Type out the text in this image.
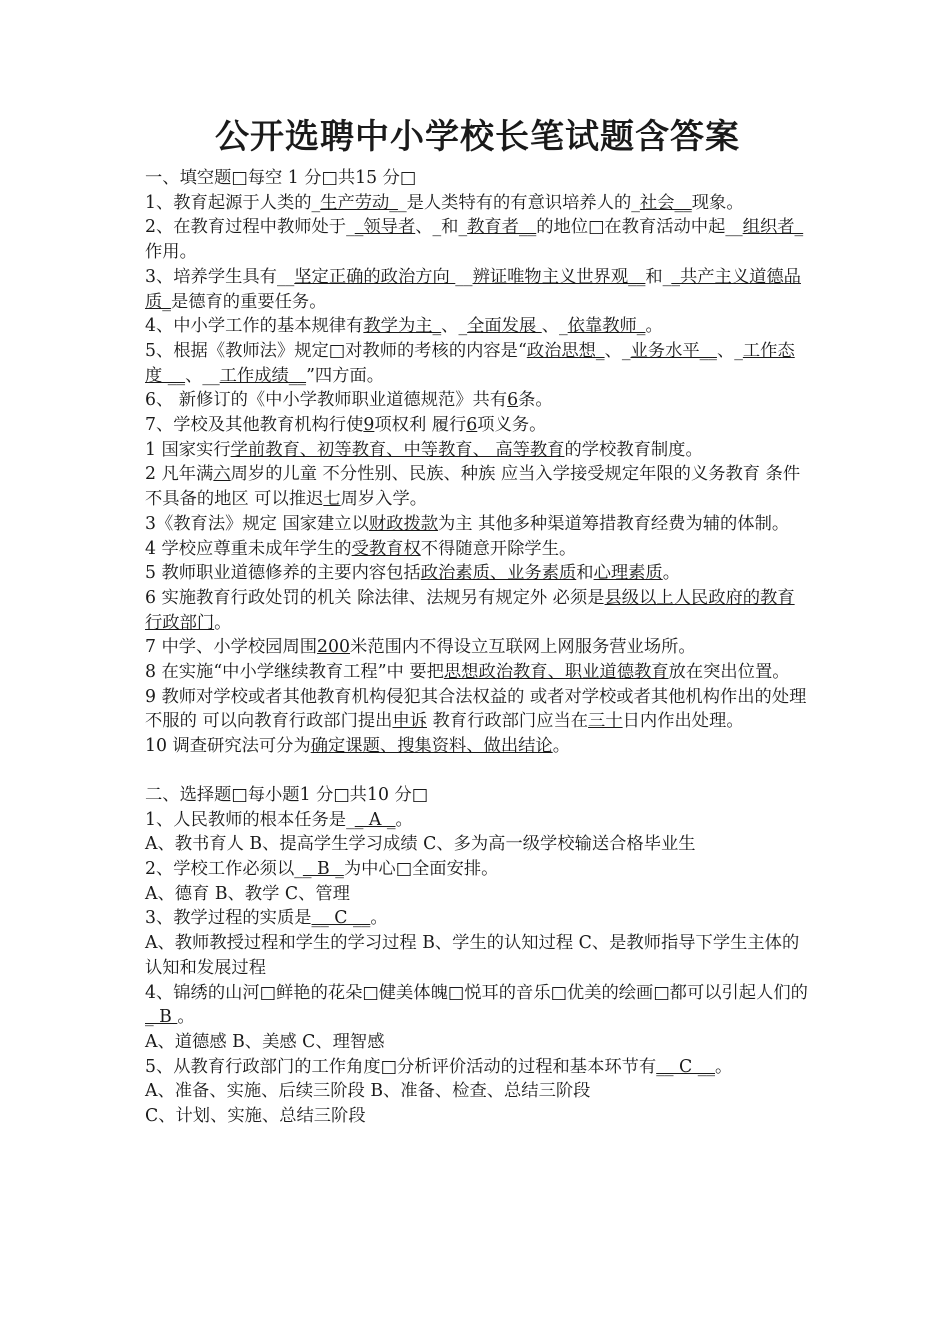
公开选聘中小学校长笔试题含答案

一、填空题□每空 1 分□共15 分□

1、教育起源于人类的_生产劳动__是人类特有的有意识培养人的_社会__现象。

2、在教育过程中教师处于__领导者、_和_教育者__的地位□在教育活动中起__组织者_作用。

3、培养学生具有__坚定正确的政治方向 __辨证唯物主义世界观__和__共产主义道德品质_是德育的重要任务。

4、中小学工作的基本规律有教学为主_、_全面发展 、_依靠教师_。

5、根据《教师法》规定□对教师的考核的内容是“政治思想_、_业务水平__、_工作态度 __、__工作成绩__”四方面。

6、 新修订的《中小学教师职业道德规范》共有6条。

7、学校及其他教育机构行使9项权利 履行6项义务。

1 国家实行学前教育、初等教育、中等教育、 高等教育的学校教育制度。

2 凡年满六周岁的儿童 不分性别、民族、种族 应当入学接受规定年限的义务教育 条件不具备的地区 可以推迟七周岁入学。

3《教育法》规定 国家建立以财政拨款为主 其他多种渠道筹措教育经费为辅的体制。

4 学校应尊重未成年学生的受教育权不得随意开除学生。

5 教师职业道德修养的主要内容包括政治素质、业务素质和心理素质。

6 实施教育行政处罚的机关 除法律、法规另有规定外 必须是县级以上人民政府的教育行政部门。

7 中学、小学校园周围200米范围内不得设立互联网上网服务营业场所。

8 在实施“中小学继续教育工程”中 要把思想政治教育、职业道德教育放在突出位置。

9 教师对学校或者其他教育机构侵犯其合法权益的 或者对学校或者其他机构作出的处理不服的 可以向教育行政部门提出申诉 教育行政部门应当在三十日内作出处理。

10 调查研究法可分为确定课题、搜集资料、做出结论。

二、选择题□每小题1 分□共10 分□

1、人民教师的根本任务是__ A _。

A、教书育人 B、提高学生学习成绩 C、多为高一级学校输送合格毕业生

2、学校工作必须以__ B _为中心□全面安排。

A、德育 B、教学 C、管理

3、教学过程的实质是__ C __。

A、教师教授过程和学生的学习过程 B、学生的认知过程 C、是教师指导下学生主体的认知和发展过程

4、锦绣的山河□鲜艳的花朵□健美体魄□悦耳的音乐□优美的绘画□都可以引起人们的_ B 。

A、道德感 B、美感 C、理智感

5、从教育行政部门的工作角度□分析评价活动的过程和基本环节有__ C __。

A、准备、实施、后续三阶段 B、准备、检查、总结三阶段

C、计划、实施、总结三阶段
